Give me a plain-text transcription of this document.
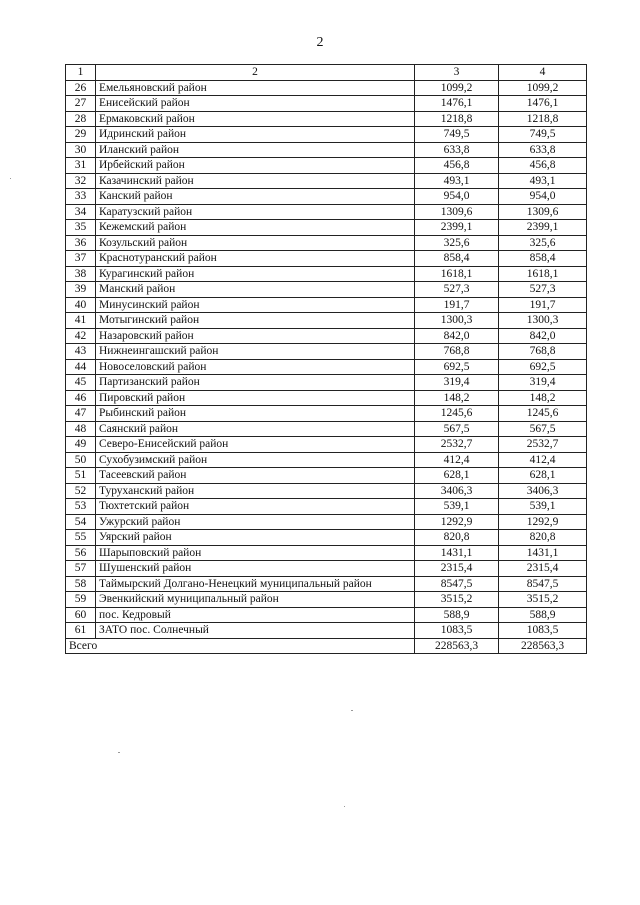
2
1	2	3	4
26	Емельяновский район	1099,2	1099,2
27	Енисейский район	1476,1	1476,1
28	Ермаковский район	1218,8	1218,8
29	Идринский район	749,5	749,5
30	Иланский район	633,8	633,8
31	Ирбейский район	456,8	456,8
32	Казачинский район	493,1	493,1
33	Канский район	954,0	954,0
34	Каратузский район	1309,6	1309,6
35	Кежемский район	2399,1	2399,1
36	Козульский район	325,6	325,6
37	Краснотуранский район	858,4	858,4
38	Курагинский район	1618,1	1618,1
39	Манский район	527,3	527,3
40	Минусинский район	191,7	191,7
41	Мотыгинский район	1300,3	1300,3
42	Назаровский район	842,0	842,0
43	Нижнеингашский район	768,8	768,8
44	Новоселовский район	692,5	692,5
45	Партизанский район	319,4	319,4
46	Пировский район	148,2	148,2
47	Рыбинский район	1245,6	1245,6
48	Саянский район	567,5	567,5
49	Северо-Енисейский район	2532,7	2532,7
50	Сухобузимский район	412,4	412,4
51	Тасеевский район	628,1	628,1
52	Туруханский район	3406,3	3406,3
53	Тюхтетский район	539,1	539,1
54	Ужурский район	1292,9	1292,9
55	Уярский район	820,8	820,8
56	Шарыповский район	1431,1	1431,1
57	Шушенский район	2315,4	2315,4
58	Таймырский Долгано-Ненецкий муниципальный район	8547,5	8547,5
59	Эвенкийский муниципальный район	3515,2	3515,2
60	пос. Кедровый	588,9	588,9
61	ЗАТО пос. Солнечный	1083,5	1083,5
Всего		228563,3	228563,3
